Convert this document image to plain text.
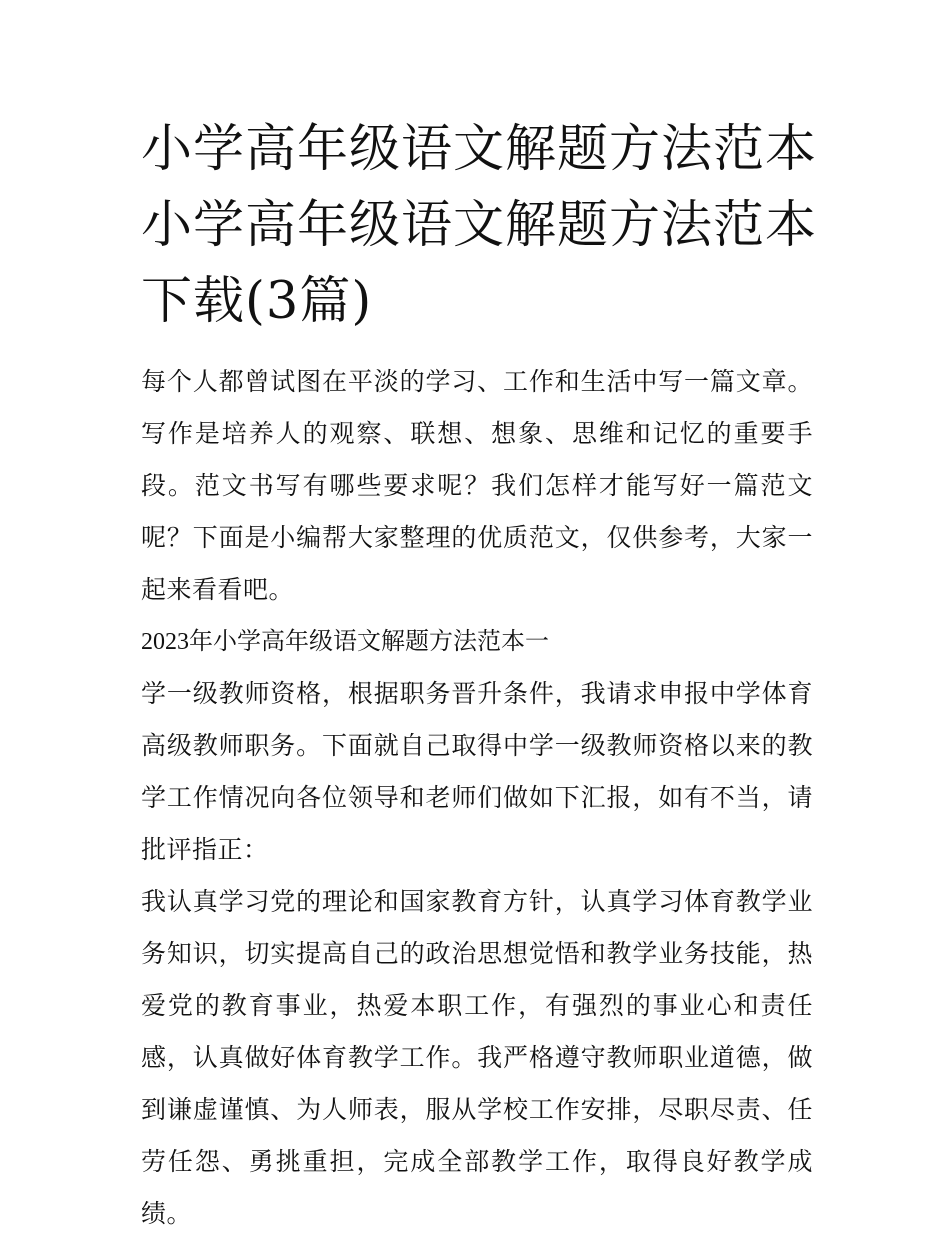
小学高年级语文解题方法范本
小学高年级语文解题方法范本
下载(3篇)

每个人都曾试图在平淡的学习、工作和生活中写一篇文章。写作是培养人的观察、联想、想象、思维和记忆的重要手段。范文书写有哪些要求呢？我们怎样才能写好一篇范文呢？下面是小编帮大家整理的优质范文，仅供参考，大家一起来看看吧。

2023年小学高年级语文解题方法范本一

学一级教师资格，根据职务晋升条件，我请求申报中学体育高级教师职务。下面就自己取得中学一级教师资格以来的教学工作情况向各位领导和老师们做如下汇报，如有不当，请批评指正：

我认真学习党的理论和国家教育方针，认真学习体育教学业务知识，切实提高自己的政治思想觉悟和教学业务技能，热爱党的教育事业，热爱本职工作，有强烈的事业心和责任感，认真做好体育教学工作。我严格遵守教师职业道德，做到谦虚谨慎、为人师表，服从学校工作安排，尽职尽责、任劳任怨、勇挑重担，完成全部教学工作，取得良好教学成绩。
